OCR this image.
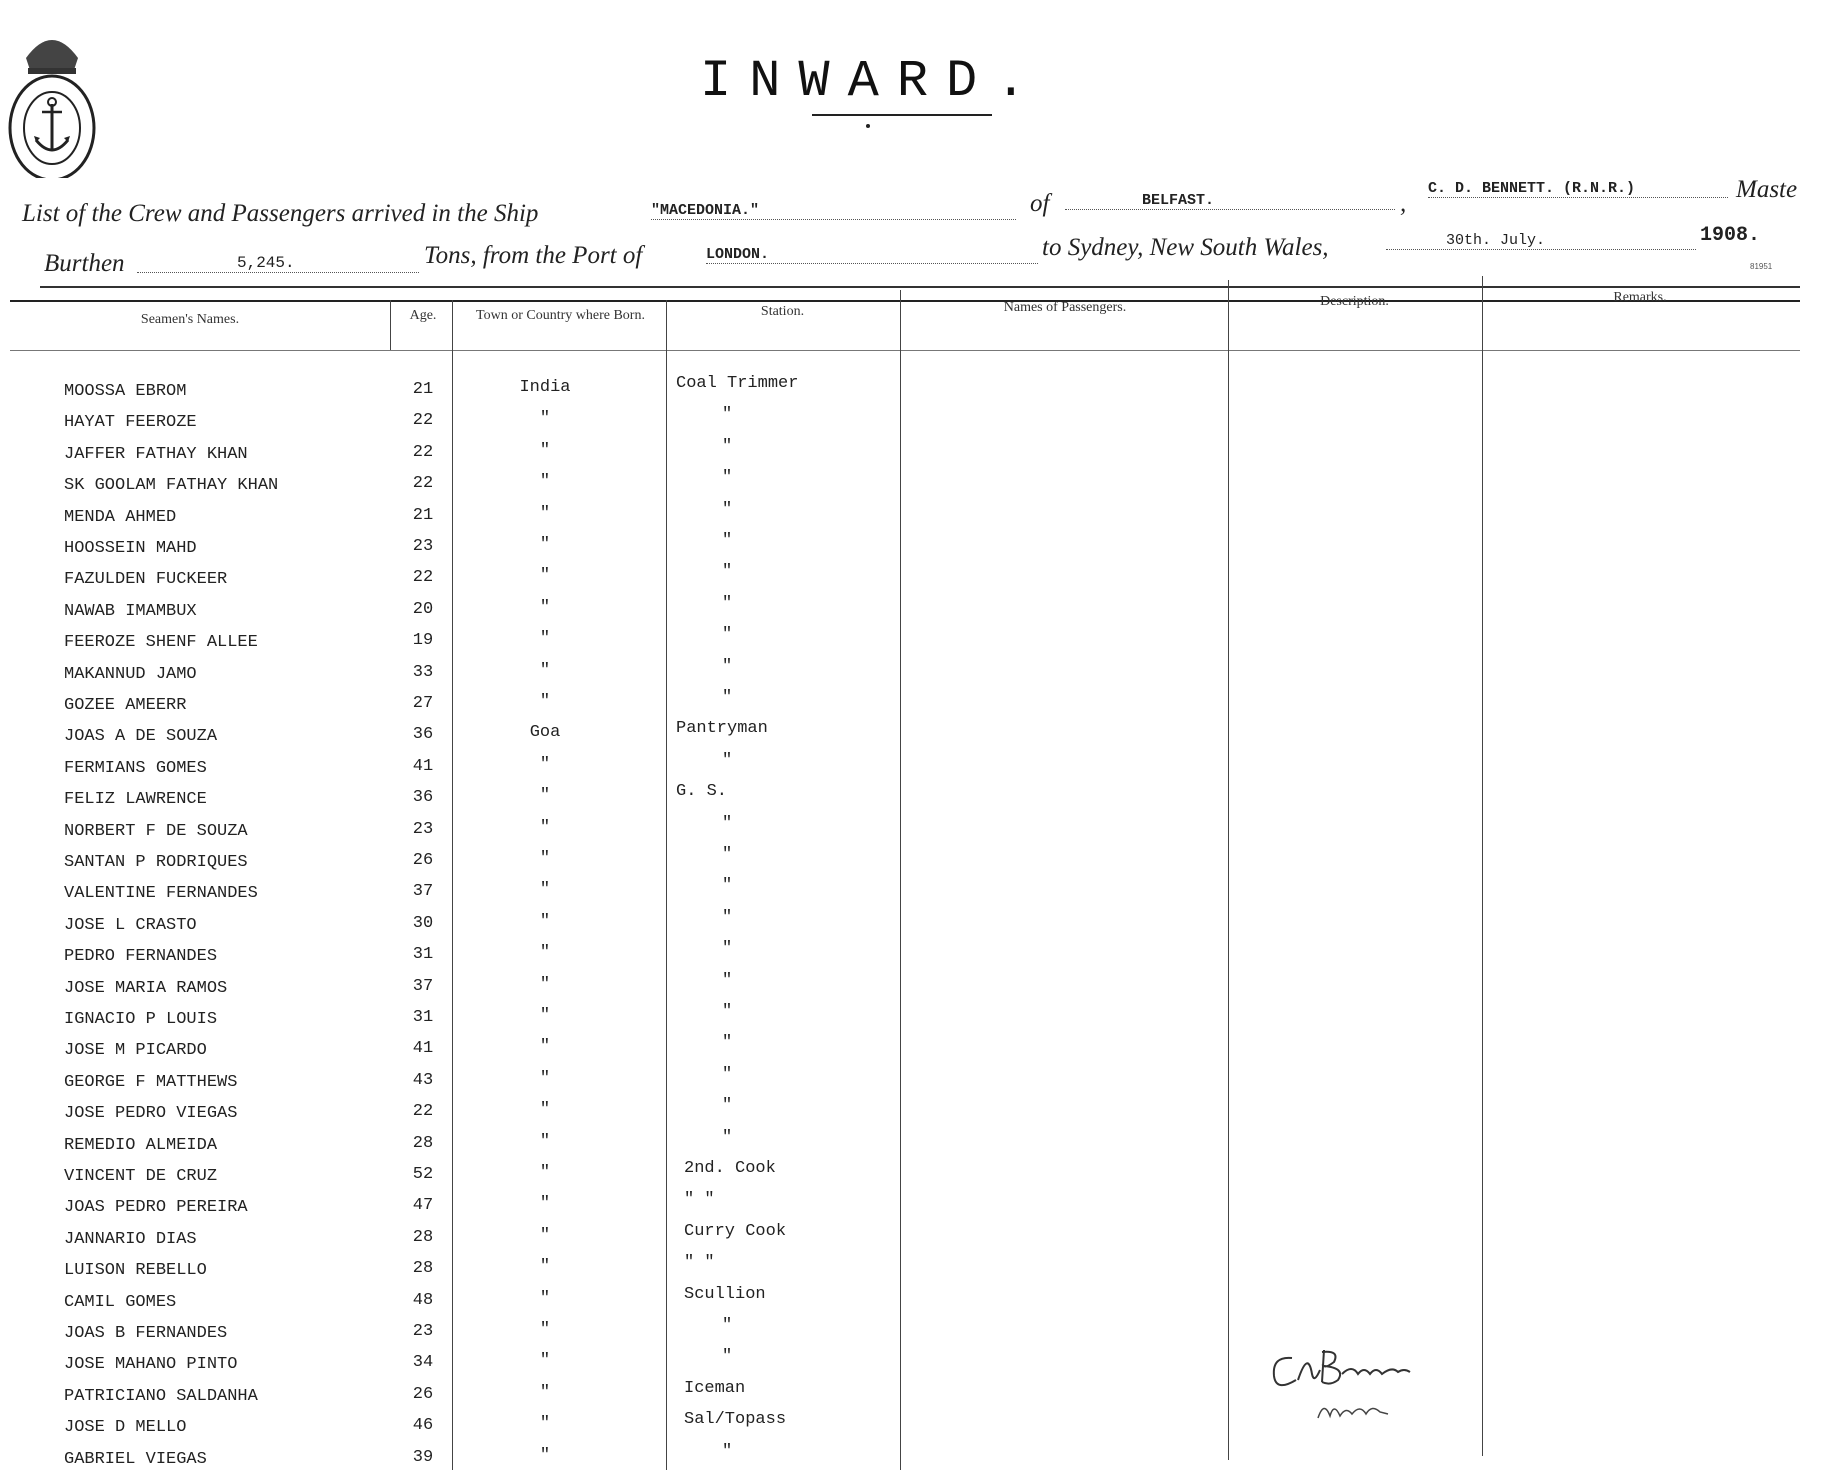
INWARD.
List of the Crew and Passengers arrived in the Ship	"MACEDONIA."	of	BELFAST.	,
C. D. BENNETT. (R.N.R.)	Maste
Burthen	5,245.	Tons, from the Port of	LONDON.	to Sydney, New South Wales,	30th. July.	1908.
81951
Seamen's Names.	Age.	Town or Country where Born.	Station.	Names of Passengers.	Description.	Remarks.
MOOSSA EBROM	21	India	Coal Trimmer
HAYAT FEEROZE	22	"	"
JAFFER FATHAY KHAN	22	"	"
SK GOOLAM FATHAY KHAN	22	"	"
MENDA AHMED	21	"	"
HOOSSEIN MAHD	23	"	"
FAZULDEN FUCKEER	22	"	"
NAWAB IMAMBUX	20	"	"
FEEROZE SHENF ALLEE	19	"	"
MAKANNUD JAMO	33	"	"
GOZEE AMEERR	27	"	"
JOAS A DE SOUZA	36	Goa	Pantryman
FERMIANS GOMES	41	"	"
FELIZ LAWRENCE	36	"	G. S.
NORBERT F DE SOUZA	23	"	"
SANTAN P RODRIQUES	26	"	"
VALENTINE FERNANDES	37	"	"
JOSE L CRASTO	30	"	"
PEDRO FERNANDES	31	"	"
JOSE MARIA RAMOS	37	"	"
IGNACIO P LOUIS	31	"	"
JOSE M PICARDO	41	"	"
GEORGE F MATTHEWS	43	"	"
JOSE PEDRO VIEGAS	22	"	"
REMEDIO ALMEIDA	28	"	"
VINCENT DE CRUZ	52	"	2nd. Cook
JOAS PEDRO PEREIRA	47	"	" "
JANNARIO DIAS	28	"	Curry Cook
LUISON REBELLO	28	"	" "
CAMIL GOMES	48	"	Scullion
JOAS B FERNANDES	23	"	"
JOSE MAHANO PINTO	34	"	"
PATRICIANO SALDANHA	26	"	Iceman
JOSE D MELLO	46	"	Sal/Topass
GABRIEL VIEGAS	39	"	"
